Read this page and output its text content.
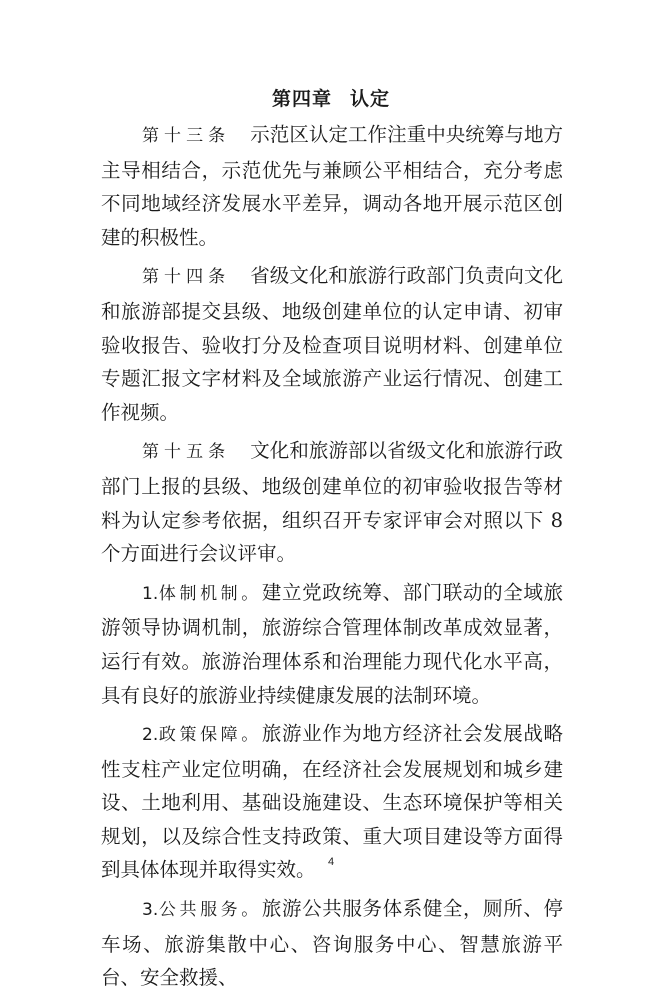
第四章 认定

第十三条 示范区认定工作注重中央统筹与地方主导相结合，示范优先与兼顾公平相结合，充分考虑不同地域经济发展水平差异，调动各地开展示范区创建的积极性。

第十四条 省级文化和旅游行政部门负责向文化和旅游部提交县级、地级创建单位的认定申请、初审验收报告、验收打分及检查项目说明材料、创建单位专题汇报文字材料及全域旅游产业运行情况、创建工作视频。

第十五条 文化和旅游部以省级文化和旅游行政部门上报的县级、地级创建单位的初审验收报告等材料为认定参考依据，组织召开专家评审会对照以下 8 个方面进行会议评审。

1.体制机制。建立党政统筹、部门联动的全域旅游领导协调机制，旅游综合管理体制改革成效显著，运行有效。旅游治理体系和治理能力现代化水平高，具有良好的旅游业持续健康发展的法制环境。

2.政策保障。旅游业作为地方经济社会发展战略性支柱产业定位明确，在经济社会发展规划和城乡建设、土地利用、基础设施建设、生态环境保护等相关规划，以及综合性支持政策、重大项目建设等方面得到具体体现并取得实效。

3.公共服务。旅游公共服务体系健全，厕所、停车场、旅游集散中心、咨询服务中心、智慧旅游平台、安全救援、

4
